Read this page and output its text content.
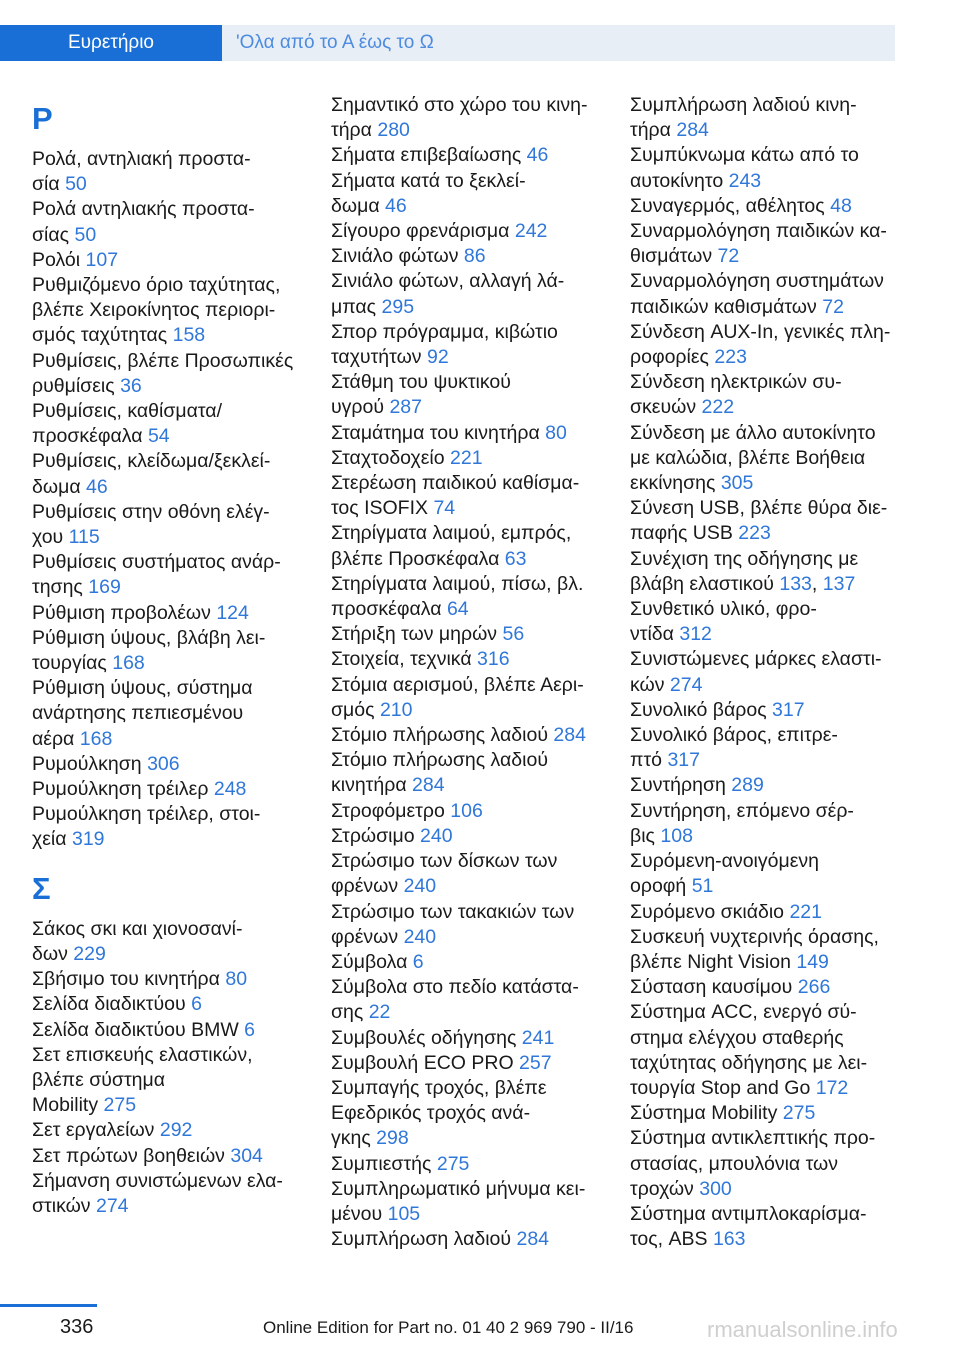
Ευρετήριο	'Ολα από το Α έως το Ω
P

Ρολά, αντηλιακή προστα‐
σία 50

Ρολά αντηλιακής προστα‐
σίας 50

Ρολόι 107

Ρυθμιζόμενο όριο ταχύτητας,
βλέπε Χειροκίνητος περιορι‐
σμός ταχύτητας 158

Ρυθμίσεις, βλέπε Προσωπικές
ρυθμίσεις 36

Ρυθμίσεις, καθίσματα/
προσκέφαλα 54

Ρυθμίσεις, κλείδωμα/ξεκλεί‐
δωμα 46

Ρυθμίσεις στην οθόνη ελέγ‐
χου 115

Ρυθμίσεις συστήματος ανάρ‐
τησης 169

Ρύθμιση προβολέων 124

Ρύθμιση ύψους, βλάβη λει‐
τουργίας 168

Ρύθμιση ύψους, σύστημα
ανάρτησης πεπιεσμένου
αέρα 168

Ρυμούλκηση 306

Ρυμούλκηση τρέιλερ 248

Ρυμούλκηση τρέιλερ, στοι‐
χεία 319

Σ

Σάκος σκι και χιονοσανί‐
δων 229

Σβήσιμο του κινητήρα 80

Σελίδα διαδικτύου 6

Σελίδα διαδικτύου BMW 6

Σετ επισκευής ελαστικών,
βλέπε σύστημα
Mobility 275

Σετ εργαλείων 292

Σετ πρώτων βοηθειών 304

Σήμανση συνιστώμενων ελα‐
στικών 274

Σημαντικό στο χώρο του κινη‐
τήρα 280

Σήματα επιβεβαίωσης 46

Σήματα κατά το ξεκλεί‐
δωμα 46

Σίγουρο φρενάρισμα 242

Σινιάλο φώτων 86

Σινιάλο φώτων, αλλαγή λά‐
μπας 295

Σπορ πρόγραμμα, κιβώτιο
ταχυτήτων 92

Στάθμη του ψυκτικού
υγρού 287

Σταμάτημα του κινητήρα 80

Σταχτοδοχείο 221

Στερέωση παιδικού καθίσμα‐
τος ISOFIX 74

Στηρίγματα λαιμού, εμπρός,
βλέπε Προσκέφαλα 63

Στηρίγματα λαιμού, πίσω, βλ.
προσκέφαλα 64

Στήριξη των μηρών 56

Στοιχεία, τεχνικά 316

Στόμια αερισμού, βλέπε Αερι‐
σμός 210

Στόμιο πλήρωσης λαδιού 284

Στόμιο πλήρωσης λαδιού
κινητήρα 284

Στροφόμετρο 106

Στρώσιμο 240

Στρώσιμο των δίσκων των
φρένων 240

Στρώσιμο των τακακιών των
φρένων 240

Σύμβολα 6

Σύμβολα στο πεδίο κατάστα‐
σης 22

Συμβουλές οδήγησης 241

Συμβουλή ECO PRO 257

Συμπαγής τροχός, βλέπε
Εφεδρικός τροχός ανά‐
γκης 298

Συμπιεστής 275

Συμπληρωματικό μήνυμα κει‐
μένου 105

Συμπλήρωση λαδιού 284

Συμπλήρωση λαδιού κινη‐
τήρα 284

Συμπύκνωμα κάτω από το
αυτοκίνητο 243

Συναγερμός, αθέλητος 48

Συναρμολόγηση παιδικών κα‐
θισμάτων 72

Συναρμολόγηση συστημάτων
παιδικών καθισμάτων 72

Σύνδεση AUX-In, γενικές πλη‐
ροφορίες 223

Σύνδεση ηλεκτρικών συ‐
σκευών 222

Σύνδεση με άλλο αυτοκίνητο
με καλώδια, βλέπε Βοήθεια
εκκίνησης 305

Σύνεση USB, βλέπε θύρα διε‐
παφής USB 223

Συνέχιση της οδήγησης με
βλάβη ελαστικού 133, 137

Συνθετικό υλικό, φρο‐
ντίδα 312

Συνιστώμενες μάρκες ελαστι‐
κών 274

Συνολικό βάρος 317

Συνολικό βάρος, επιτρε‐
πτό 317

Συντήρηση 289

Συντήρηση, επόμενο σέρ‐
βις 108

Συρόμενη-ανοιγόμενη
οροφή 51

Συρόμενο σκιάδιο 221

Συσκευή νυχτερινής όρασης,
βλέπε Night Vision 149

Σύσταση καυσίμου 266

Σύστημα ACC, ενεργό σύ‐
στημα ελέγχου σταθερής
ταχύτητας οδήγησης με λει‐
τουργία Stop and Go 172

Σύστημα Mobility 275

Σύστημα αντικλεπτικής προ‐
στασίας, μπουλόνια των
τροχών 300

Σύστημα αντιμπλοκαρίσμα‐
τος, ABS 163

336	Online Edition for Part no. 01 40 2 969 790 - II/16	rmanualsonline.info
